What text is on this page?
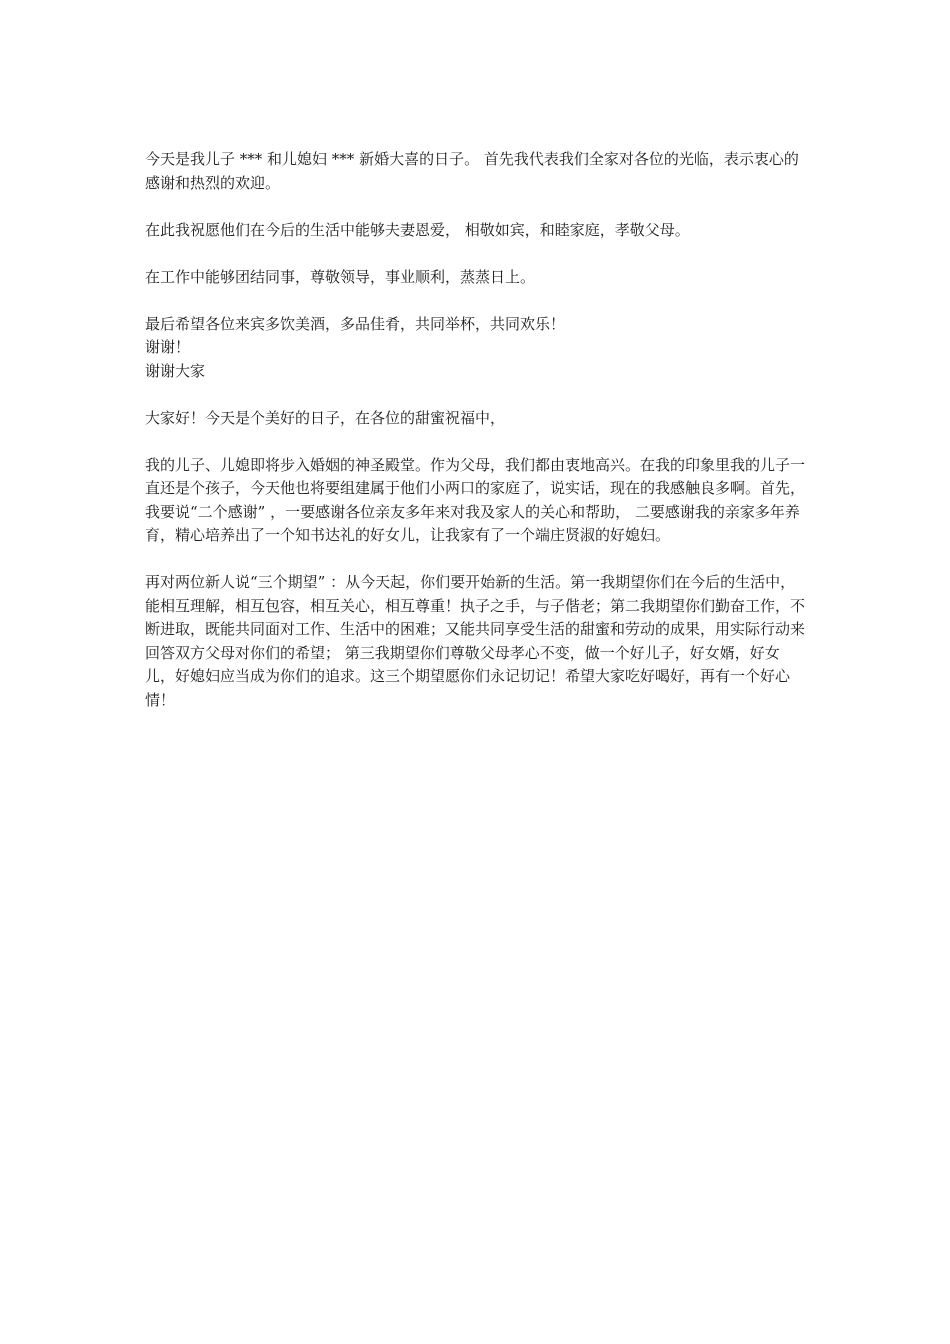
今天是我儿子 *** 和儿媳妇 *** 新婚大喜的日子。 首先我代表我们全家对各位的光临，表示衷心的感谢和热烈的欢迎。

在此我祝愿他们在今后的生活中能够夫妻恩爱， 相敬如宾，和睦家庭，孝敬父母。

在工作中能够团结同事，尊敬领导，事业顺利，蒸蒸日上。

最后希望各位来宾多饮美酒，多品佳肴，共同举杯，共同欢乐！

谢谢！

谢谢大家

大家好！今天是个美好的日子，在各位的甜蜜祝福中，

我的儿子、儿媳即将步入婚姻的神圣殿堂。作为父母，我们都由衷地高兴。在我的印象里我的儿子一直还是个孩子，今天他也将要组建属于他们小两口的家庭了，说实话，现在的我感触良多啊。首先，我要说“二个感谢” ，一要感谢各位亲友多年来对我及家人的关心和帮助， 二要感谢我的亲家多年养育，精心培养出了一个知书达礼的好女儿，让我家有了一个端庄贤淑的好媳妇。

再对两位新人说“三个期望” ：从今天起，你们要开始新的生活。第一我期望你们在今后的生活中，能相互理解，相互包容，相互关心，相互尊重！执子之手，与子偕老；第二我期望你们勤奋工作，不断进取，既能共同面对工作、生活中的困难；又能共同享受生活的甜蜜和劳动的成果，用实际行动来回答双方父母对你们的希望； 第三我期望你们尊敬父母孝心不变，做一个好儿子，好女婿，好女儿，好媳妇应当成为你们的追求。这三个期望愿你们永记切记！希望大家吃好喝好，再有一个好心情！
